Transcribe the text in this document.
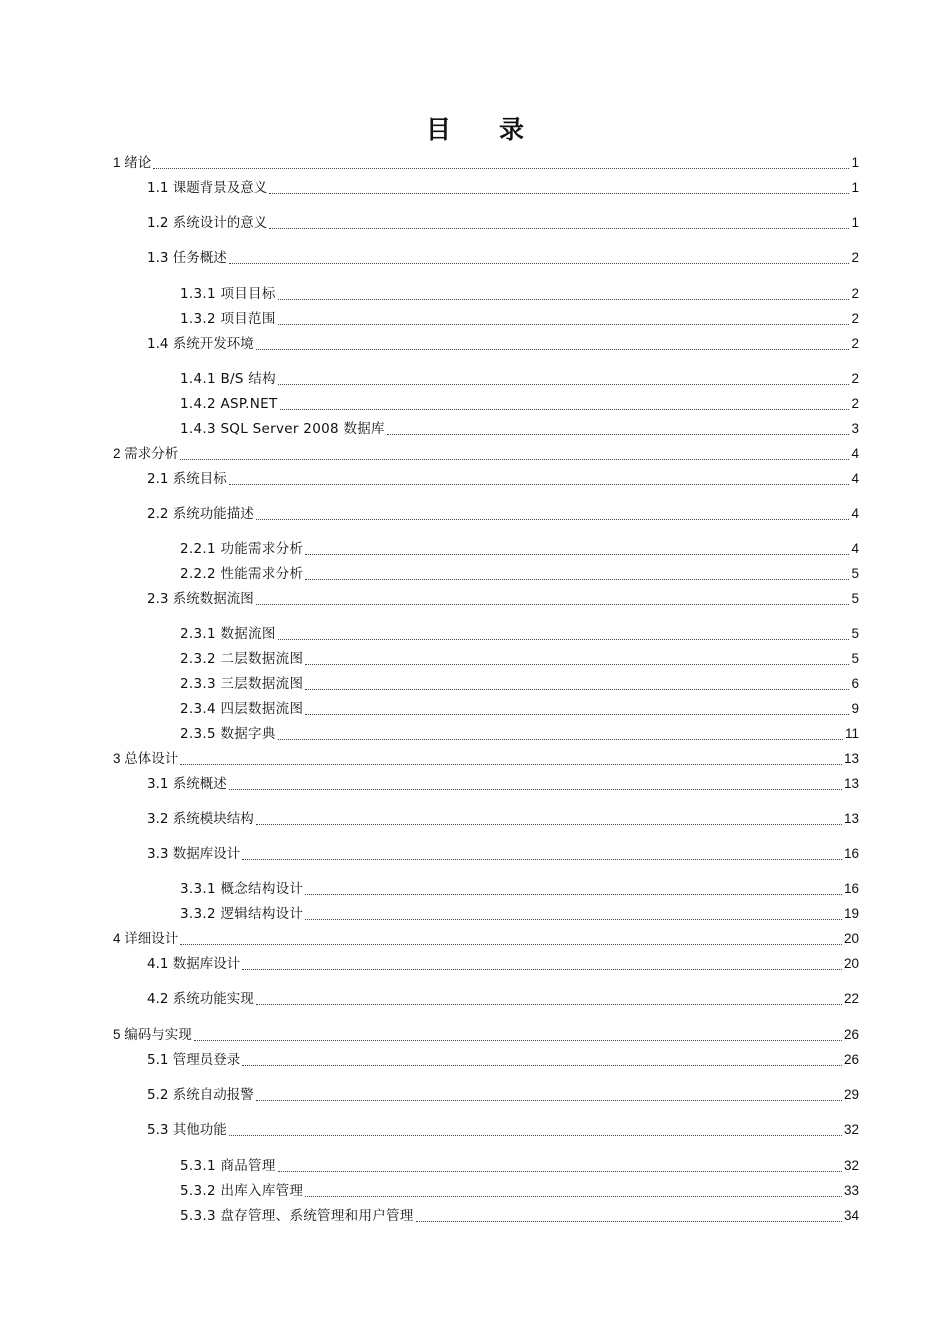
目录
1 绪论	1
1.1 课题背景及意义	1
1.2 系统设计的意义	1
1.3 任务概述	2
1.3.1 项目目标	2
1.3.2 项目范围	2
1.4 系统开发环境	2
1.4.1 B/S 结构	2
1.4.2 ASP.NET	2
1.4.3 SQL Server 2008 数据库	3
2 需求分析	4
2.1 系统目标	4
2.2 系统功能描述	4
2.2.1 功能需求分析	4
2.2.2 性能需求分析	5
2.3 系统数据流图	5
2.3.1 数据流图	5
2.3.2 二层数据流图	5
2.3.3 三层数据流图	6
2.3.4 四层数据流图	9
2.3.5 数据字典	11
3 总体设计	13
3.1 系统概述	13
3.2 系统模块结构	13
3.3 数据库设计	16
3.3.1 概念结构设计	16
3.3.2 逻辑结构设计	19
4 详细设计	20
4.1 数据库设计	20
4.2 系统功能实现	22
5 编码与实现	26
5.1 管理员登录	26
5.2 系统自动报警	29
5.3 其他功能	32
5.3.1 商品管理	32
5.3.2 出库入库管理	33
5.3.3 盘存管理、系统管理和用户管理	34
